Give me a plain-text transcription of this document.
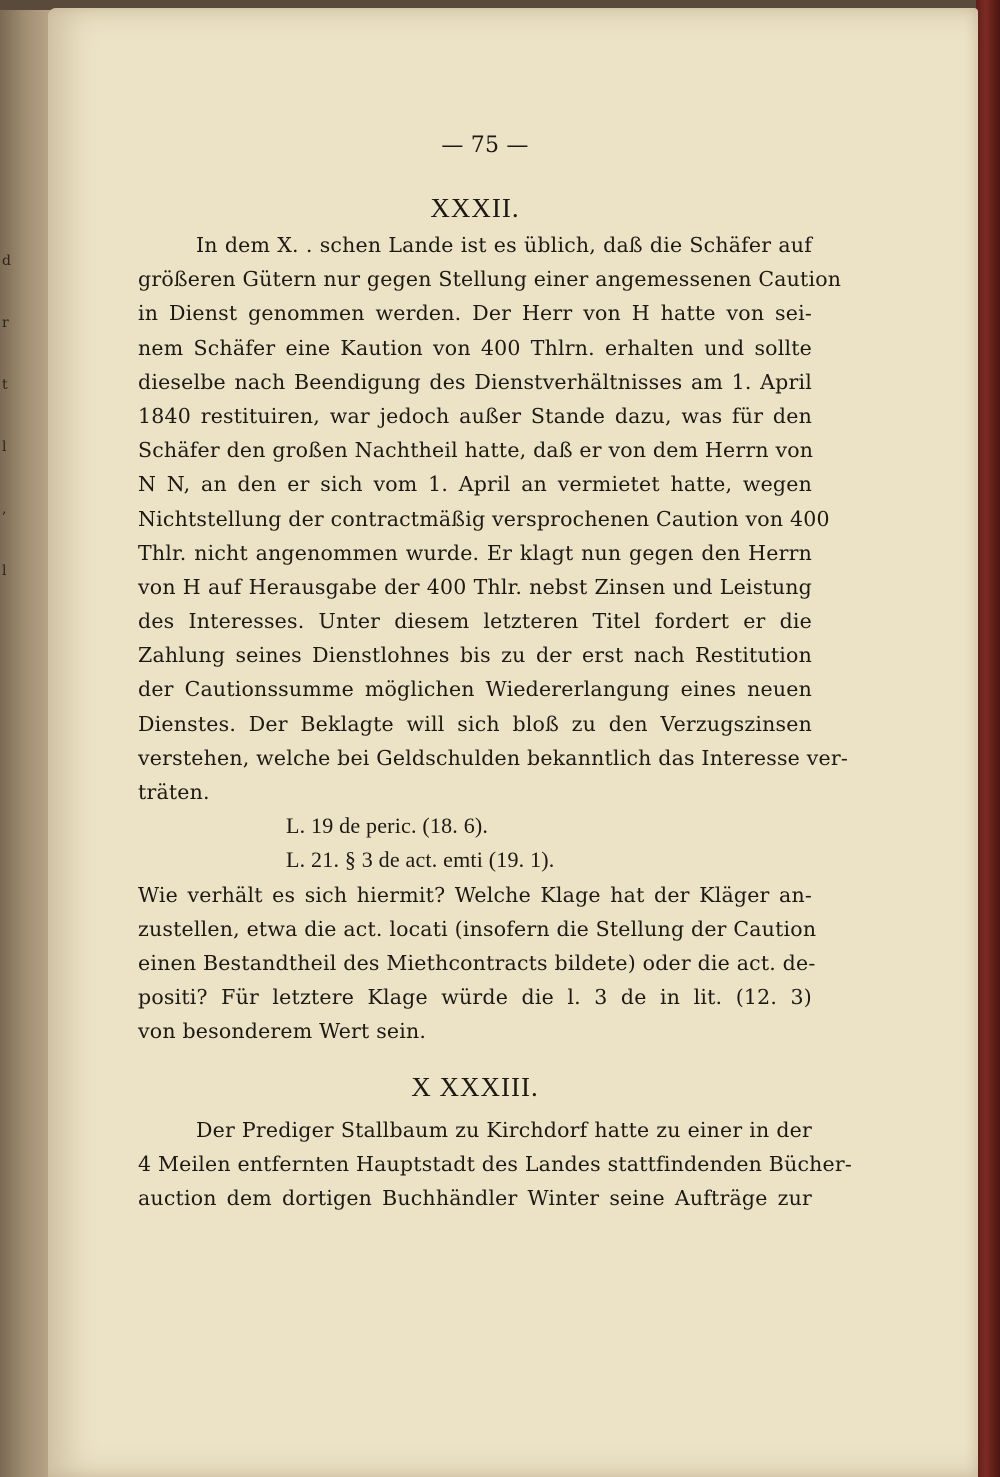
d
r
t
l
,
l
— 75 —
XXXII.
In dem X. . schen Lande ist es üblich, daß die Schäfer auf
größeren Gütern nur gegen Stellung einer angemessenen Caution
in Dienst genommen werden. Der Herr von H hatte von sei-
nem Schäfer eine Kaution von 400 Thlrn. erhalten und sollte
dieselbe nach Beendigung des Dienstverhältnisses am 1. April
1840 restituiren, war jedoch außer Stande dazu, was für den
Schäfer den großen Nachtheil hatte, daß er von dem Herrn von
N N, an den er sich vom 1. April an vermietet hatte, wegen
Nichtstellung der contractmäßig versprochenen Caution von 400
Thlr. nicht angenommen wurde. Er klagt nun gegen den Herrn
von H auf Herausgabe der 400 Thlr. nebst Zinsen und Leistung
des Interesses. Unter diesem letzteren Titel fordert er die
Zahlung seines Dienstlohnes bis zu der erst nach Restitution
der Cautionssumme möglichen Wiedererlangung eines neuen
Dienstes. Der Beklagte will sich bloß zu den Verzugszinsen
verstehen, welche bei Geldschulden bekanntlich das Interesse ver-
träten.
L. 19 de peric. (18. 6).
L. 21. § 3 de act. emti (19. 1).
Wie verhält es sich hiermit? Welche Klage hat der Kläger an-
zustellen, etwa die act. locati (insofern die Stellung der Caution
einen Bestandtheil des Miethcontracts bildete) oder die act. de-
positi? Für letztere Klage würde die l. 3 de in lit. (12. 3)
von besonderem Wert sein.
X XXXIII.
Der Prediger Stallbaum zu Kirchdorf hatte zu einer in der
4 Meilen entfernten Hauptstadt des Landes stattfindenden Bücher-
auction dem dortigen Buchhändler Winter seine Aufträge zur
